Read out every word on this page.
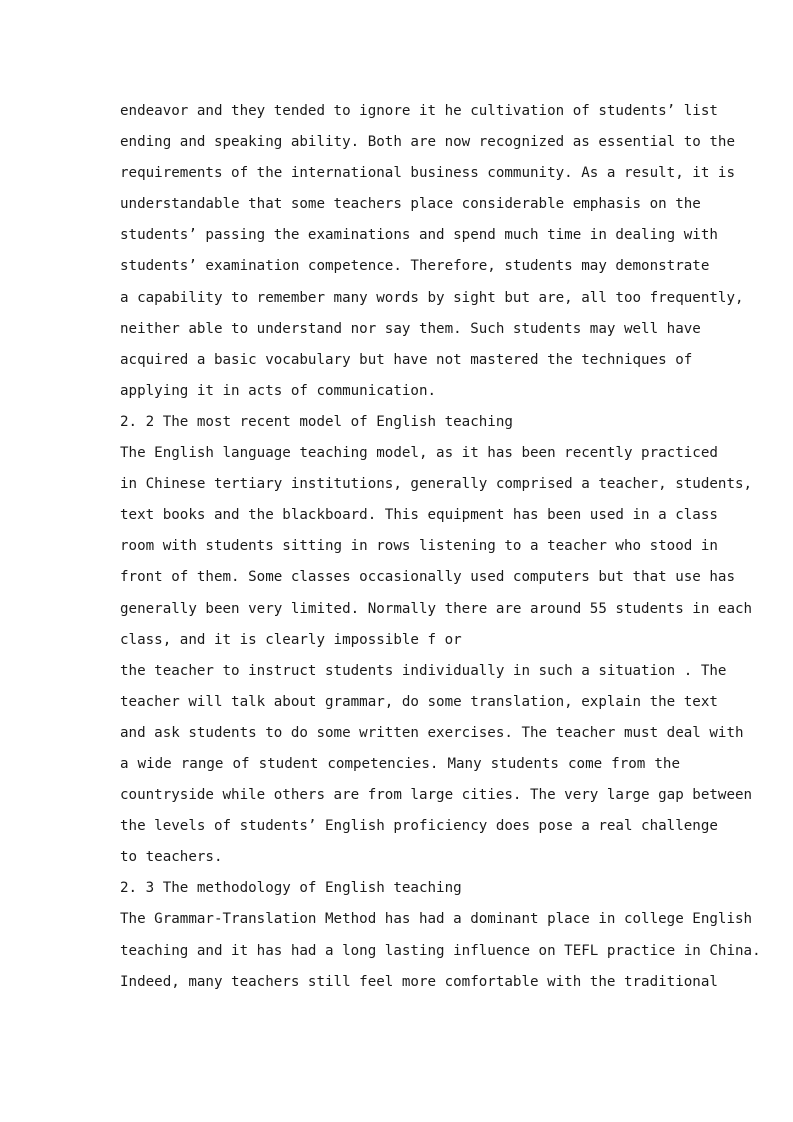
endeavor and they tended to ignore it he cultivation of students’ list
ending and speaking ability. Both are now recognized as essential to the
requirements of the international business community. As a result, it is
understandable that some teachers place considerable emphasis on the
students’ passing the examinations and spend much time in dealing with
students’ examination competence. Therefore, students may demonstrate
a capability to remember many words by sight but are, all too frequently,
neither able to understand nor say them. Such students may well have
acquired a basic vocabulary but have not mastered the techniques of
applying it in acts of communication.
2. 2 The most recent model of English teaching
The English language teaching model, as it has been recently practiced
in Chinese tertiary institutions, generally comprised a teacher, students,
text books and the blackboard. This equipment has been used in a class
room with students sitting in rows listening to a teacher who stood in
front of them. Some classes occasionally used computers but that use has
generally been very limited. Normally there are around 55 students in each
class, and it is clearly impossible f or
the teacher to instruct students individually in such a situation . The
teacher will talk about grammar, do some translation, explain the text
and ask students to do some written exercises. The teacher must deal with
a wide range of student competencies. Many students come from the
countryside while others are from large cities. The very large gap between
the levels of students’ English proficiency does pose a real challenge
to teachers.
2. 3 The methodology of English teaching
The Grammar-Translation Method has had a dominant place in college English
teaching and it has had a long lasting influence on TEFL practice in China.
Indeed, many teachers still feel more comfortable with the traditional
